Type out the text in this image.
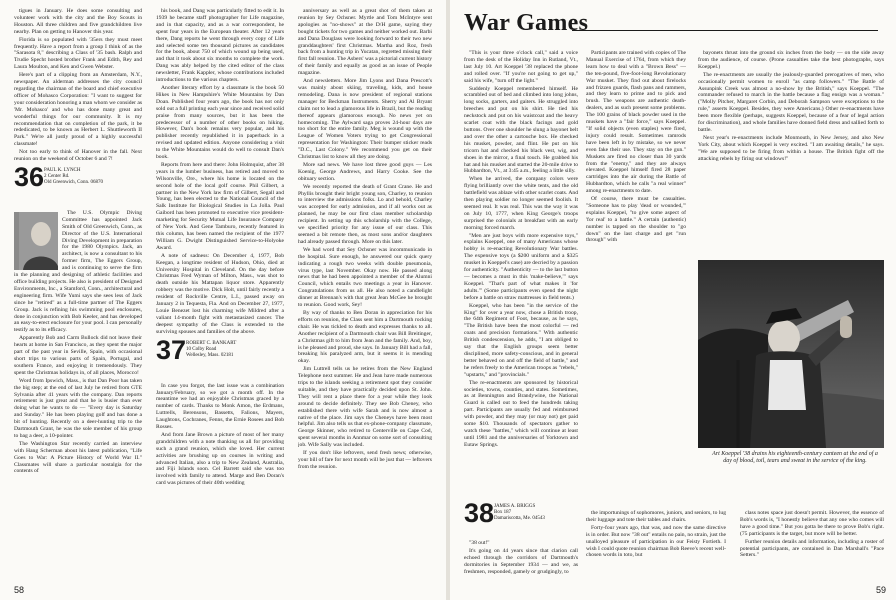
tigues in January. He does some consulting and volunteer work with the city and the Boy Scouts in Houston. All three children and five grandchildren live nearby. Plan on getting to Hanover this year.

Florida is so populated with '35ers they must meet frequently. Have a report from a group I think of as the "Sarasota 8," describing a Class of '35 bash. Ralph and Trudie Specht hosted brother Frank and Edith, Rey and Laura Moulton, and Ken and Gwen Webster.

Here's part of a clipping from an Amsterdam, N.Y., newspaper. An alderman addresses the city council regarding the chairman of the board and chief executive officer of Mohasco Corporation: "I want to suggest for your consideration honoring a man whom we consider as 'Mr. Mohasco' and who has done many great and wonderful things for our community. It is my recommendation that on completion of the park, it be rededicated, to be known as Herbert L. Shuttleworth II Park." We're all justly proud of a highly successful classmate!

Not too early to think of Hanover in the fall. Next reunion on the weekend of October 6 and 7!

36 PAUL K. LYNCH
2 Center Rd.
Old Greenwich, Conn. 06870

The U.S. Olympic Diving Committee has appointed Jack Smith of Old Greenwich, Conn., as Director of the U.S. International Diving Development in preparation for the 1980 Olympics. Jack, an architect, is now a consultant to his former firm, The Eggers Group, and is continuing to serve the firm in the planning and designing of athletic facilities and office building projects. He also is president of Designed Environments, Inc., a Stamford, Conn., architectural and engineering firm. Wife Yumi says she sees less of Jack since he "retired" as a full-time partner of The Eggers Group. Jack is refining his swimming pool enclosures, done in conjunction with Bob Keeler, and has developed an easy-to-erect enclosure for your pool. I can personally testify as to its efficacy.

Apparently Bob and Carm Bullock did not leave their hearts at home in San Francisco, as they spent the major part of the past year in Seville, Spain, with occasional short trips to various parts of Spain, Portugal, and southern France, and enjoying it tremendously. They spent the Christmas holidays in, of all places, Morocco!

Word from Ipswich, Mass., is that Dan Poor has taken the big step; at the end of last July he retired from GTE Sylvania after 41 years with the company. Dan reports retirement is just great and that he is busier than ever doing what he wants to do — "Every day is Saturday and Sunday." He has been playing golf and has done a bit of hunting. Recently on a deer-hunting trip to the Dartmouth Grant, he was the sole member of his group to bag a deer, a 10-pointer.

The Washington Star recently carried an interview with Hang Scherman about his latest publication, "Life Goes to War: A Picture History of World War II." Classmates will share a particular nostalgia for the contents of

his book, and Dang was particularly fitted to edit it. In 1939 he became staff photographer for Life magazine, and in that capacity, and as a war correspondent, he spent four years in the European theater. After 12 years there, Dang reports he went through every copy of Life and selected some ten thousand pictures as candidates for the book, about 750 of which wound up being used, and that it took about six months to complete the work. Dang was ably helped by the cited editor of the class newsletter, Frank Kappler, whose contributions included introductions to the various chapters.

Another literary effort by a classmate is the book 50 Hikes in New Hampshire's White Mountains by Dan Doan. Published four years ago, the book has not only sold out a full printing each year since and received solid praise from many sources, but it has been the predecessor of a number of other books on hiking. However, Dan's book remains very popular, and his publisher recently republished it in paperback in a revised and updated edition. Anyone considering a visit to the White Mountains would do well to consult Dan's book.

Reports from here and there: John Holmquist, after 38 years in the lumber business, has retired and moved to Wilsonville, Ore., where his home is located on the second hole of the local golf course. Phil Gilbert, a partner in the New York law firm of Gilbert, Segall and Young, has been elected to the National Council of the Salk Institute for Biological Studies in La Jolla. Paul Gaibord has been promoted to executive vice president-marketing for Security Mutual Life Insurance Company of New York. And Gene Tamburo, recently featured in this column, has been named the recipient of the 1977 William G. Dwight Distinguished Service-to-Holyoke Award.

A note of sadness: On December 4, 1977, Bob Keegan, a longtime resident of Hudson, Ohio, died at University Hospital in Cleveland. On the day before Christmas Fred Wyman of Milton, Mass., was shot to death outside his Mattapan liquor store. Apparently robbery was the motive. Dick Holt, until fairly recently a resident of Rockville Centre, L.I., passed away on January 2 in Tequesta, Fla. And on December 27, 1977, Louie Benezet lost his charming wife Mildred after a valiant 14-month fight with metastasized cancer. The deepest sympathy of the Class is extended to the surviving spouses and families of the above.

37 ROBERT C. BANKART
10 Colby Road
Wellesley, Mass. 02181

In case you forgot, the last issue was a combination January/February, so we got a month off. In the meantime we had an enjoyable Christmas graced by a number of cards. Thanks to Monk Amon, the Erdmans, Luttrells, Berensons, Bassetts, Falions, Mayers, Laughtons, Cochranes, Fenns, the Ernie Rosees and Bob Rosses.

And from Jane Brown a picture of most of her many grandchildren with a note thanking us all for providing such a grand reunion, which she loved. Her current activities are brushing up on courses in writing and advanced Italian, also a trip to New Zealand, Australia, and Fiji Islands soon. Cel Barrett said she was too involved with family to attend. Marge and Ben Doran's card was pictures of their 40th wedding

anniversary as well as a great shot of them taken at reunion by Sey Ochsner. Myrtle and Tom McIntyre sent apologies as "no-shows" at the D/H game, saying they bought tickets for two games and neither worked out. Barbi and Dana Douglass were looking forward to their two new granddaughters' first Christmas. Martha and Roz, fresh back from a hunting trip in Yucatan, regretted missing their first fall reunion. The Asbers' was a pictorial current history of their family and equally as good as an issue of People magazine.

And newsletters. More Jim Lyons and Dana Prescott's was mainly about skiing, traveling, kids, and house remodeling. Dana is now president of regional stations manager for Beckman Instruments. Sherry and Al Bryant claim not to lead a glamorous life in Brazil, but the reading thereof appears glamorous enough. No news yet on homecoming. The Aylward saga proves 24-hour days are too short for the entire family. Meg is wound up with the League of Women Voters trying to get Congressional representation for Washington: Their bumper sticker reads "D.C., Last Colony." We recommend you get on their Christmas list to know all they are doing.

More sad news. We have lost three good guys — Les Koenig, George Andrews, and Harry Cooke. See the obituary section.

We recently reported the death of Grant Crane. He and Phyllis brought their bright young son, Charley, to reunion to interview the admissions folks. Lo and behold, Charley was accepted for early admission, and if all works out as planned, he may be our first class member scholarship recipient. In setting up this scholarship with the College, we specified priority for any issue of our class. This seemed a bit remote then, as most sons and/or daughters had already passed through. More on this later.

We had word that Sey Ochsner was incommunicado in the hospital. Sure enough, he answered our quick query indicating a rough two weeks with double pneumonia, virus type, last November. Okay now. He passed along news that he had been appointed a member of the Alumni Council, which entails two meetings a year in Hanover. Congratulations from us all. He also noted a candlelight dinner at Brennan's with that great Jean McGee he brought to reunion. Good work, Sey!

By way of thanks to Ben Doran in appreciation for his efforts on reunion, the Class sent him a Dartmouth rocking chair. He was tickled to death and expresses thanks to all. Another recipient of a Dartmouth chair was Bill Breitinger, a Christmas gift to him from Jean and the family. And, boy, is he pleased and proud, she says. In January Bill had a fall, breaking his paralyzed arm, but it seems it is mending okay.

Jim Luttrell tells us he retires from the New England Telephone next summer. He and Jean have made numerous trips to the islands seeking a retirement spot they consider suitable, and they have practically decided upon St. John. They will rent a place there for a year while they look around to decide definitely. They see Bob Cheney, who established there with wife Sarah and is now almost a native of the place. Jim says the Cheneys have been most helpful. Jim also tells us that ex-phone-company classmate, George Skinner, who retired to Centerville on Cape Cod, spent several months in Annmar on some sort of consulting job. Wife Sally was included.

If you don't like leftovers, send fresh news; otherwise, your bill of fare for next month will be just that — leftovers from the reunion.

58
War Games

"This is your three o'clock call," said a voice from the desk of the Holiday Inn in Rutland, Vt., last July 10. Art Koeppel '38 replaced the phone and rolled over. "If you're not going to get up," said his wife, "turn off the light."

Suddenly Koeppel remembered himself. He scrambled out of bed and climbed into long johns, long socks, garters, and gaiters. He struggled into breeches and put on his shirt. He tied his neckstock and put on his waistcoat and the heavy scarlet coat with the black facings and gold buttons. Over one shoulder he slung a bayonet belt and over the other a cartouche box. He checked his musket, powder, and flint. He put on his tricorn hat and checked his black vest, wig, and shoes in the mirror, a final touch. He grabbed his hat and his musket and started the 20-mile drive to Hubbardton, Vt., at 3:45 a.m., feeling a little silly.

When he arrived, the company colors were flying brilliantly over the white tents, and the old battlefield was ablaze with other scarlet coats. And then playing soldier no longer seemed foolish. It seemed real. It was real. This was the way it was on July 10, 1777, when King George's troops surprised the colonials at breakfast with an early morning forced march.

"Men are just boys with more expensive toys," explains Koeppel, one of many Americans whose hobby is re-enacting Revolutionary War battles. The expensive toys (a $200 uniform and a $325 musket in Koeppel's case) are decried by a passion for authenticity. "Authenticity — to the last button — becomes a must in this 'make-believe,'" says Koeppel. "That's part of what makes it 'for adults.'" (Some participants even spend the night before a battle on straw mattresses in field tents.)

Koeppel, who has been "in the service of the King" for over a year now, chose a British troop, the 64th Regiment of Foot, because, as he says, "The British have been the most colorful — red coats and precision formations." With authentic British condescension, he adds, "I am obliged to say that the English groups seem better disciplined, more safety-conscious, and in general better behaved on and off the field of battle," and he refers freely to the American troops as "rebels," "upstarts," and "provincials."

The re-enactments are sponsored by historical societies, towns, counties, and states. Sometimes, as at Bennington and Brandywine, the National Guard is called out to feed the hundreds taking part. Participants are usually fed and reimbursed with powder, and they may (or may not) get paid some $10. Thousands of spectators gather to watch these "battles," which will continue at least until 1981 and the anniversaries of Yorktown and Eutaw Springs.

Participants are trained with copies of The Manual Exercise of 1764, from which they learn how to deal with a "Brown Bess" — the ten-pound, five-foot-long Revolutionary War musket. They find out about firelocks and frizzen guards, flash pans and rammers, and they learn to prime and to pick and brush. The weapons are authentic death-dealers, and as such present some problems. The 100 grains of black powder used in the muskets have a "fair force," says Koeppel. "If solid objects (even staples) were fired, injury could result. Sometimes ramrods have been left in by mistake, so we never even fake their use. They stay on the gun." Muskets are fired no closer than 30 yards from the "enemy," and they are always elevated. Koeppel himself fired 28 paper cartridges into the air during the Battle of Hubbardton, which he calls "a real winner" among re-enactments to date.

Of course, there must be casualties. "Someone has to play 'dead or wounded,'" explains Koeppel, "to give some aspect of 'for real' to a battle." A certain (authentic) number is tapped on the shoulder to "go down" on the last charge and get "run through" with

bayonets thrust into the ground six inches from the body — on the side away from the audience, of course. (Prone casualties take the best photographs, says Koeppel.)

The re-enactments are usually the jealously-guarded prerogatives of men, who occasionally permit women to enroll "as camp followers." "The Battle of Assunpink Creek was almost a no-show by the British," says Koeppel. "The commander refused to march in the battle because a flag ensign was a woman." ("Molly Pitcher, Margaret Corbin, and Deborah Sampson were exceptions to the rule," asserts Koeppel. Besides, they were Americans.) Other re-enactments have been more flexible (perhaps, suggests Koeppel, because of a fear of legal action for discrimination), and whole families have donned field dress and sallied forth to battle.

Next year's re-enactments include Monmouth, in New Jersey, and also New York City, about which Koeppel is very excited. "I am awaiting details," he says. "We are supposed to be firing from within a house. The British fight off the attacking rebels by firing out windows!"

Art Koeppel '38 drains his eighteenth-century canteen at the end of a day of blood, toil, tears and sweat in the service of the king.
38 JAMES A. BRIGGS
Box 187
Damariscotta, Me. 04543

"38 out!"

It's going on 44 years since that clarion call echoed through the corridors of Dartmouth's dormitories in September 1934 — and we, as freshmen, responded, gamely or grudgingly, to

the importunings of sophomores, juniors, and seniors, to lug their luggage and tote their tables and chairs.

Forty-four years ago, that was, and now the same directive is in order. But now "38 out" entails no pain, no strain, just the unalloyed pleasure of participation in our Feisty Fortieth. I wish I could quote reunion chairman Bob Reeve's recent well-chosen words in toto, but

class notes space just doesn't permit. However, the essence of Bob's words is, "I honestly believe that any one who comes will have a good time." But you gotta be there to prove Bob's right. (75 participants is the target, but more will be better.

Further reunion details and information, including a roster of potential participants, are contained in Dan Marshall's "Pace Setters."

59
